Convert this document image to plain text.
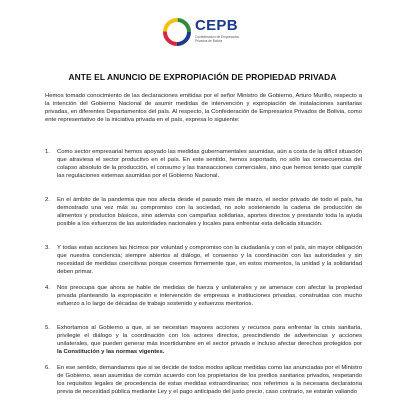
CEPB
Confederación de Empresarios Privados de Bolivia
ANTE EL ANUNCIO DE EXPROPIACIÓN DE PROPIEDAD PRIVADA
Hemos tomado conocimiento de las declaraciones emitidas por el señor Ministro de Gobierno, Arturo Murillo, respecto a la intención del Gobierno Nacional de asumir medidas de intervención y expropiación de instalaciones sanitarias privadas, en diferentes Departamentos del país. Al respecto, la Confederación de Empresarios Privados de Bolivia, como ente representativo de la iniciativa privada en el país, expresa lo siguiente:
1.	Como sector empresarial hemos apoyado las medidas gubernamentales asumidas, aún a costa de la difícil situación que atraviesa el sector productivo en el país. En este sentido, hemos soportado, no sólo las consecuencias del colapso absoluto de la producción, el consumo y las transacciones comerciales, sino que hemos tenido que cumplir las regulaciones externas asumidas por el Gobierno Nacional.
2.	En el ámbito de la pandemia que nos afecta desde el pasado mes de marzo, el sector privado de todo el país, ha demostrado una vez más su compromiso con la sociedad, no solo sosteniendo la cadena de producción de alimentos y productos básicos, sino además con campañas solidarias, aportes directos y prestando toda la ayuda posible a los esfuerzos de las autoridades nacionales y locales para enfrentar esta delicada situación.
3.	Y todas estas acciones las hicimos por voluntad y compromiso con la ciudadanía y con el país, sin mayor obligación que nuestra conciencia; siempre abiertos al diálogo, el consenso y la coordinación con las autoridades y sin necesidad de medidas coercitivas porque creemos firmemente que, en estos momentos, la unidad y la solidaridad deben primar.
4.	Nos preocupa que ahora se hable de medidas de fuerza y unilaterales y se amenace con afectar la propiedad privada planteando la expropiación e intervención de empresas e instituciones privadas, construidas con mucho esfuerzo a lo largo de décadas de trabajo sostenido y esfuerzos meritorios.
5.	Exhortamos al Gobierno a que, si se necesitan mayores acciones y recursos para enfrentar la crisis sanitaria, privilegie el diálogo y la coordinación con los actores directos, prescindiendo de advertencias y acciones unilaterales, que pueden generar más incertidumbre en el sector privado e incluso afectar derechos protegidos por la Constitución y las normas vigentes.
6.	En ese sentido, demandamos que si se decide de todos modos aplicar medidas como las anunciadas por el Ministro de Gobierno, sean asumidas de común acuerdo con los propietarios de los predios sanitarios privados, respetando los requisitos legales de procedencia de estas medidas extraordinarias; nos referimos a la necesaria declaratoria previa de necesidad pública mediante Ley y el pago anticipado del justo precio, caso contrario, se estarán valiando
